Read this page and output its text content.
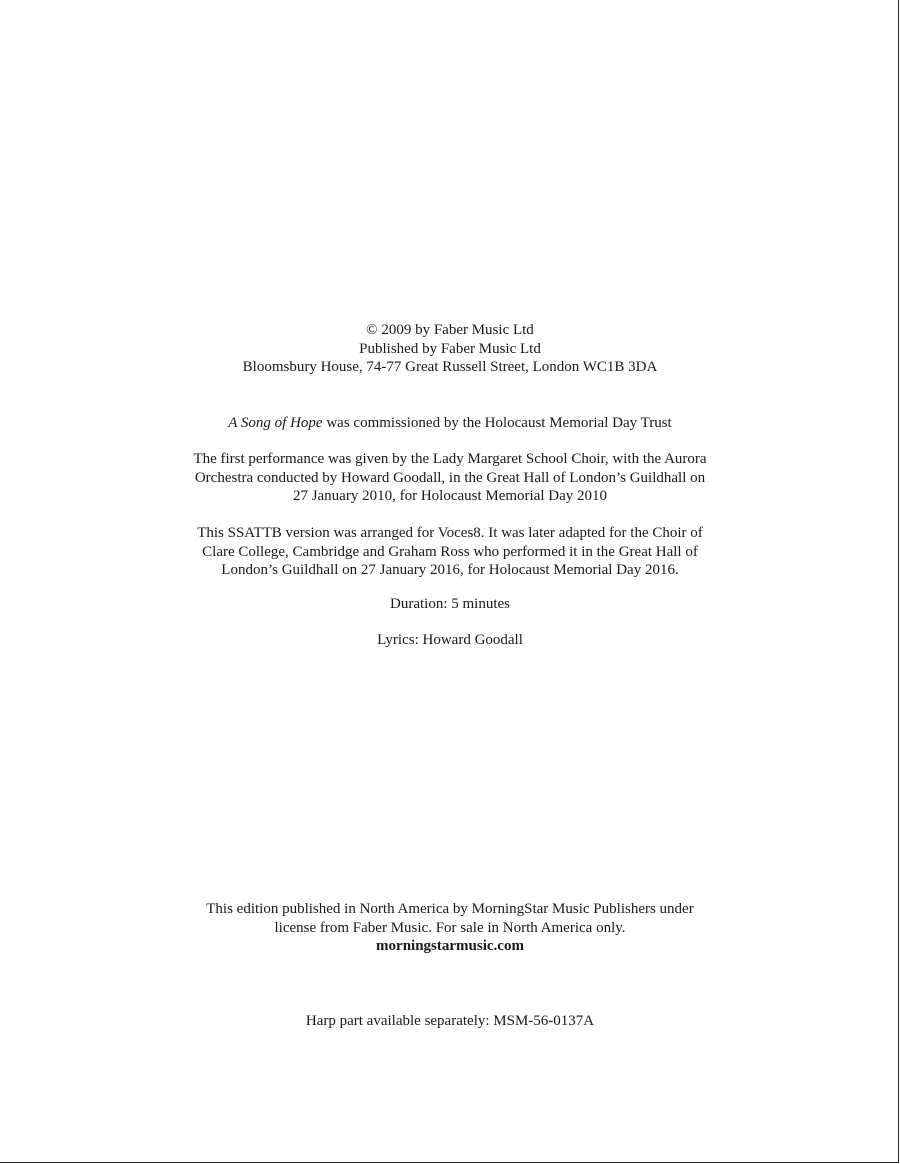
© 2009 by Faber Music Ltd
Published by Faber Music Ltd
Bloomsbury House, 74-77 Great Russell Street, London WC1B 3DA
A Song of Hope was commissioned by the Holocaust Memorial Day Trust
The first performance was given by the Lady Margaret School Choir, with the Aurora
Orchestra conducted by Howard Goodall, in the Great Hall of London’s Guildhall on
27 January 2010, for Holocaust Memorial Day 2010
This SSATTB version was arranged for Voces8. It was later adapted for the Choir of
Clare College, Cambridge and Graham Ross who performed it in the Great Hall of
London’s Guildhall on 27 January 2016, for Holocaust Memorial Day 2016.
Duration: 5 minutes
Lyrics: Howard Goodall
This edition published in North America by MorningStar Music Publishers under
license from Faber Music. For sale in North America only.
morningstarmusic.com
Harp part available separately: MSM-56-0137A
